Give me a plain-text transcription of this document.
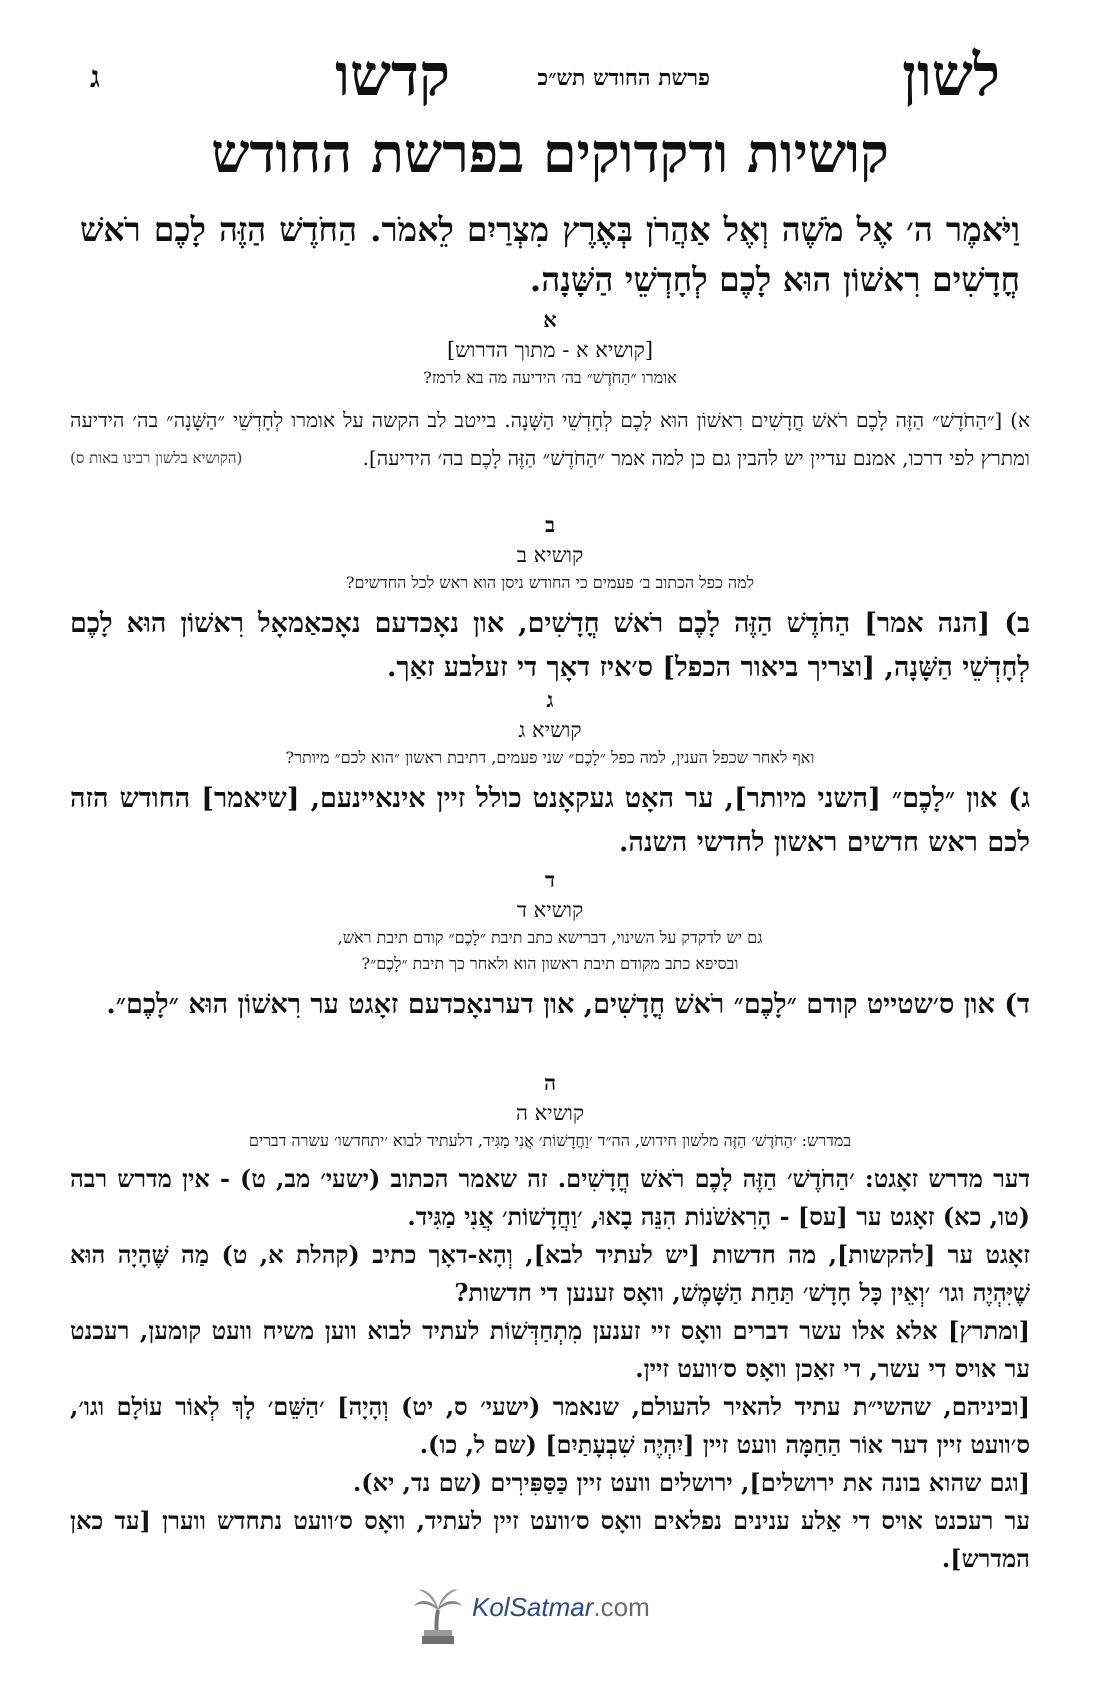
לשון
פרשת החודש תש״כ
קדשו
ג
קושיות ודקדוקים בפרשת החודש
וַיֹּאמֶר ה׳ אֶל מֹשֶׁה וְאֶל אַהֲרֹן בְּאֶרֶץ מִצְרַיִם לֵאמֹר. הַחֹדֶשׁ הַזֶּה לָכֶם רֹאשׁ חֳדָשִׁים רִאשׁוֹן הוּא לָכֶם לְחָדְשֵׁי הַשָּׁנָה.
א
[קושיא א - מתוך הדרוש]
אומרו ״הַחֹדֶשׁ״ בה׳ הידיעה מה בא לרמז?
א) [״הַחֹדֶשׁ״ הַזֶּה לָכֶם רֹאשׁ חֳדָשִׁים רִאשׁוֹן הוּא לָכֶם לְחָדְשֵׁי הַשָּׁנָה. בייטב לב הקשה על אומרו לְחָדְשֵׁי ״הַשָּׁנָה״ בה׳ הידיעה ומתרץ לפי דרכו, אמנם עדיין יש להבין גם כן למה אמר ״הַחֹדֶשׁ״ הַזֶּה לָכֶם בה׳ הידיעה].
(הקושיא בלשון רבינו באות ס)
ב
קושיא ב
למה כפל הכתוב ב׳ פעמים כי החודש ניסן הוא ראש לכל החדשים?
ב) [הנה אמר] הַחֹדֶשׁ הַזֶּה לָכֶם רֹאשׁ חֳדָשִׁים, און נאָכדעם נאָכאַמאָל רִאשׁוֹן הוּא לָכֶם לְחָדְשֵׁי הַשָּׁנָה, [וצריך ביאור הכפל] ס׳איז דאָך די זעלבע זאַך.
ג
קושיא ג
ואף לאחר שכפל הענין, למה כפל ״לָכֶם״ שני פעמים, דתיבת ראשון ״הוא לכם״ מיותר?
ג) און ״לָכֶם״ [השני מיותר], ער האָט געקאָנט כולל זיין אינאיינעם, [שיאמר] החודש הזה לכם ראש חדשים ראשון לחדשי השנה.
ד
קושיא ד
גם יש לדקדק על השינוי, דברישא כתב תיבת ״לָכֶם״ קודם תיבת ראֹש,
ובסיפא כתב מקודם תיבת ראשון הוא ולאחר כך תיבת ״לָכֶם״?
ד) און ס׳שטייט קודם ״לָכֶם״ רֹאשׁ חֳדָשִׁים, און דערנאָכדעם זאָגט ער רִאשׁוֹן הוּא ״לָכֶם״.
ה
קושיא ה
במדרש: ׳הַחֹדֶשׁ׳ הַזֶּה מלשון חידוש, הה״ד ׳וַחֲדָשׁוֹת׳ אֲנִי מַגִּיד, דלעתיד לבוא ׳יתחדשו׳ עשרה דברים
דער מדרש זאָגט: ׳הַחֹדֶשׁ׳ הַזֶּה לָכֶם רֹאשׁ חֳדָשִׁים. זה שאמר הכתוב (ישעי׳ מב, ט) - אין מדרש רבה (טו, כא) זאָגט ער [עס] - הָרִאשֹׁנוֹת הִנֵּה בָאוּ, ׳וַחֲדָשׁוֹת׳ אֲנִי מַגִּיד.
זאָגט ער [להקשות], מה חדשות [יש לעתיד לבא], וְהָא-דאָך כתיב (קהלת א, ט) מַה שֶּׁהָיָה הוּא שֶׁיִּהְיֶה וגו׳ ׳וְאֵין כָּל חָדָשׁ׳ תַּחַת הַשָּׁמֶשׁ, וואָס זענען די חדשות?
[ומתרץ] אלא אלו עשר דברים וואָס זיי זענען מִתְחַדְּשׁוֹת לעתיד לבוא ווען משיח וועט קומען, רעכנט ער אויס די עשר, די זאַכן וואָס ס׳וועט זיין.
[וביניהם, שהשי״ת עתיד להאיר להעולם, שנאמר (ישעי׳ ס, יט) וְהָיָה] ׳הַשֵּׁם׳ לָךְ לְאוֹר עוֹלָם וגו׳, ס׳וועט זיין דער אוֹר הַחַמָּה וועט זיין [יִהְיֶה שִׁבְעָתַיִם] (שם ל, כו).
[וגם שהוא בונה את ירושלים], ירושלים וועט זיין כַּסַּפִּירִים (שם נד, יא).
ער רעכנט אויס די אַלע ענינים נפלאים וואָס ס׳וועט זיין לעתיד, וואָס ס׳וועט נתחדש ווערן [עד כאן המדרש].
KolSatmar.com
